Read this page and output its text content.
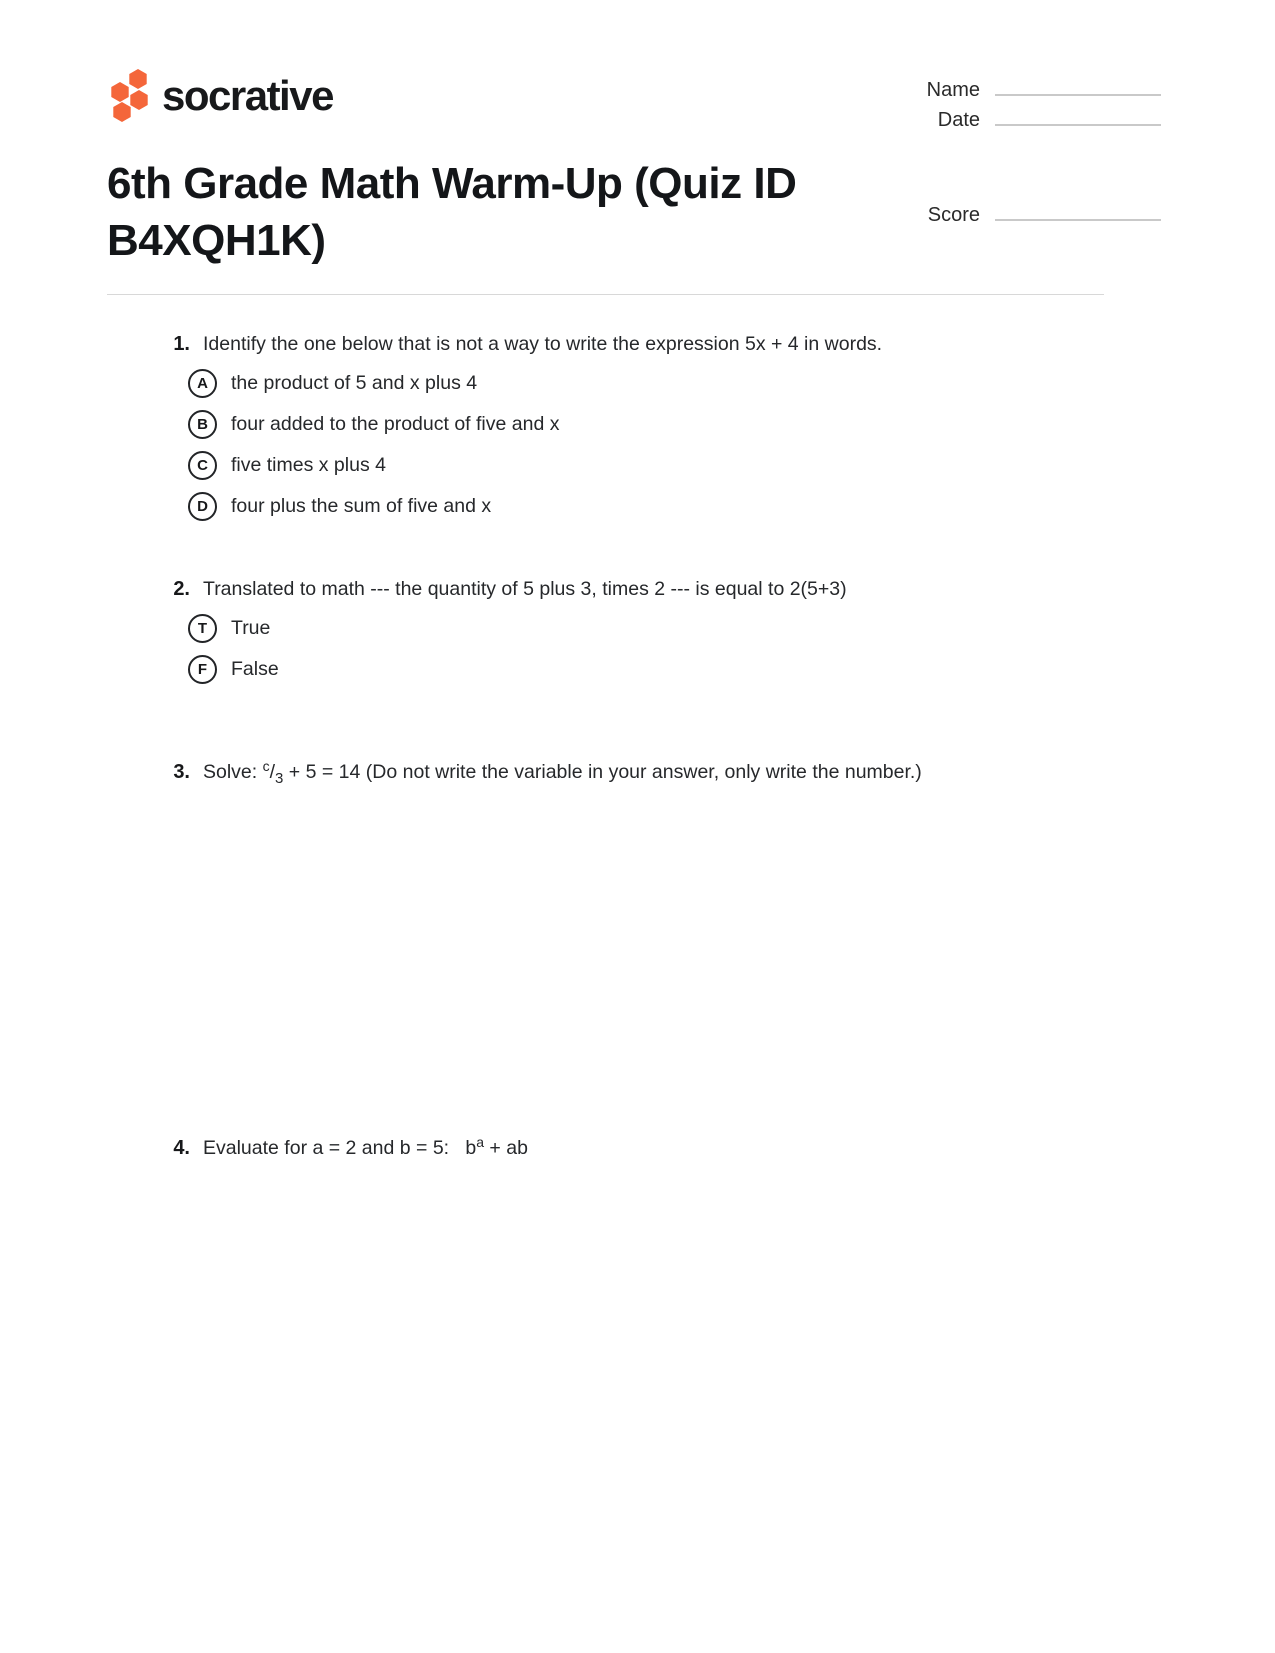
socrative	Name
Date
Score
6th Grade Math Warm-Up (Quiz ID B4XQH1K)
1. Identify the one below that is not a way to write the expression 5x + 4 in words.
A	the product of 5 and x plus 4
B	four added to the product of five and x
C	five times x plus 4
D	four plus the sum of five and x
2. Translated to math --- the quantity of 5 plus 3, times 2 --- is equal to 2(5+3)
T	True
F	False
3. Solve: $^c/_3 + 5 = 14$ (Do not write the variable in your answer, only write the number.)
4. Evaluate for a = 2 and b = 5:   $b^a$ + ab
